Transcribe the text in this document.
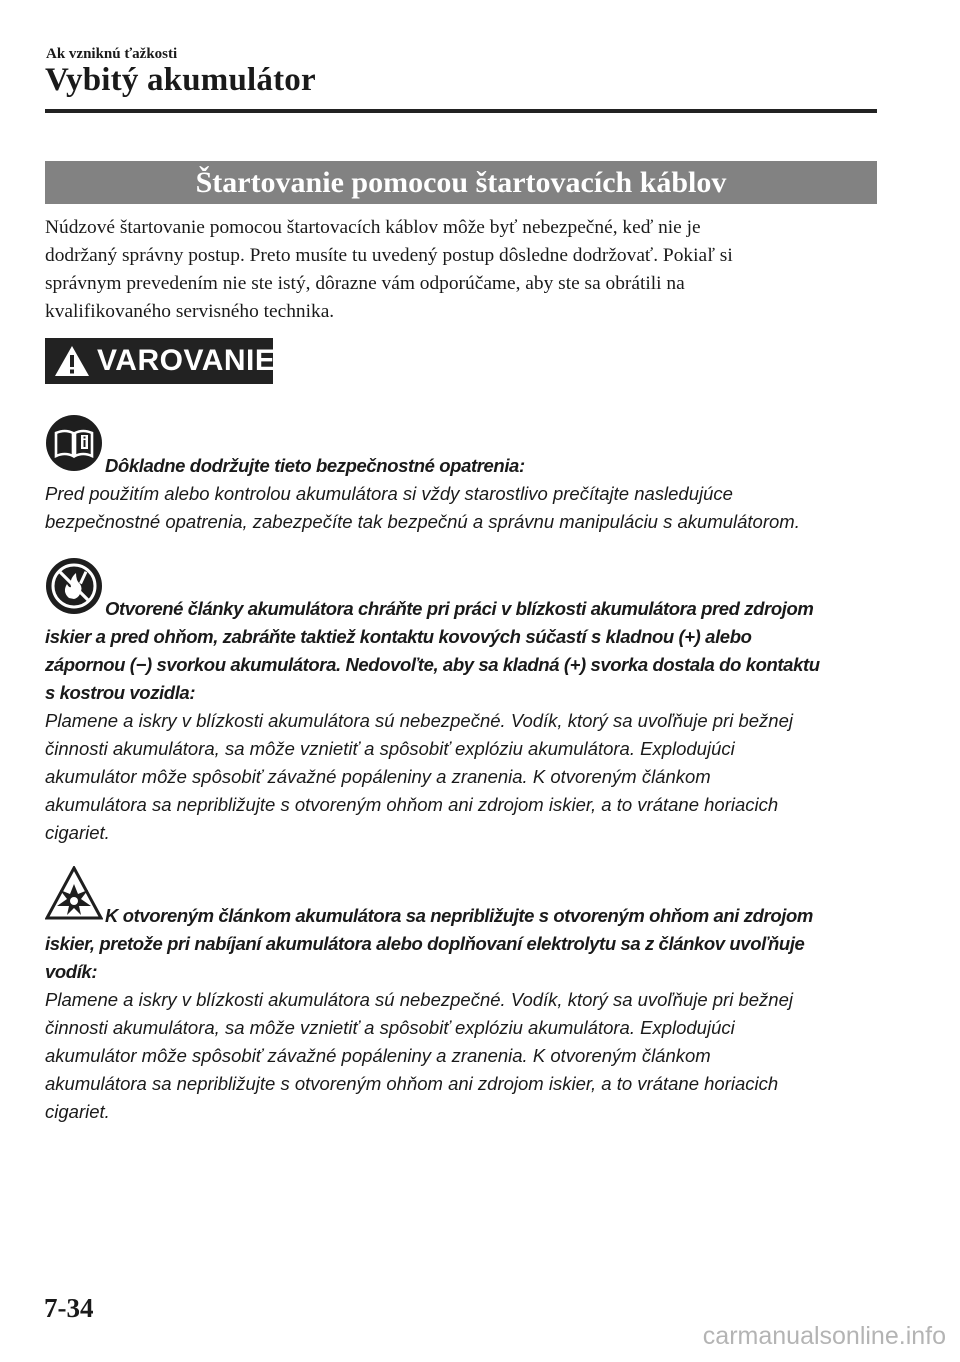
Ak vzniknú ťažkosti
Vybitý akumulátor
Štartovanie pomocou štartovacích káblov

Núdzové štartovanie pomocou štartovacích káblov môže byť nebezpečné, keď nie je

dodržaný správny postup. Preto musíte tu uvedený postup dôsledne dodržovať. Pokiaľ si

správnym prevedením nie ste istý, dôrazne vám odporúčame, aby ste sa obrátili na

kvalifikovaného servisného technika.

VAROVANIE

Dôkladne dodržujte tieto bezpečnostné opatrenia:

Pred použitím alebo kontrolou akumulátora si vždy starostlivo prečítajte nasledujúce

bezpečnostné opatrenia, zabezpečíte tak bezpečnú a správnu manipuláciu s akumulátorom.

Otvorené články akumulátora chráňte pri práci v blízkosti akumulátora pred zdrojom

iskier a pred ohňom, zabráňte taktiež kontaktu kovových súčastí s kladnou (+) alebo

zápornou (−) svorkou akumulátora. Nedovoľte, aby sa kladná (+) svorka dostala do kontaktu

s kostrou vozidla:

Plamene a iskry v blízkosti akumulátora sú nebezpečné. Vodík, ktorý sa uvoľňuje pri bežnej

činnosti akumulátora, sa môže vznietiť a spôsobiť explóziu akumulátora. Explodujúci

akumulátor môže spôsobiť závažné popáleniny a zranenia. K otvoreným článkom

akumulátora sa nepribližujte s otvoreným ohňom ani zdrojom iskier, a to vrátane horiacich

cigariet.

K otvoreným článkom akumulátora sa nepribližujte s otvoreným ohňom ani zdrojom

iskier, pretože pri nabíjaní akumulátora alebo doplňovaní elektrolytu sa z článkov uvoľňuje

vodík:

Plamene a iskry v blízkosti akumulátora sú nebezpečné. Vodík, ktorý sa uvoľňuje pri bežnej

činnosti akumulátora, sa môže vznietiť a spôsobiť explóziu akumulátora. Explodujúci

akumulátor môže spôsobiť závažné popáleniny a zranenia. K otvoreným článkom

akumulátora sa nepribližujte s otvoreným ohňom ani zdrojom iskier, a to vrátane horiacich

cigariet.

7-34
carmanualsonline.info
